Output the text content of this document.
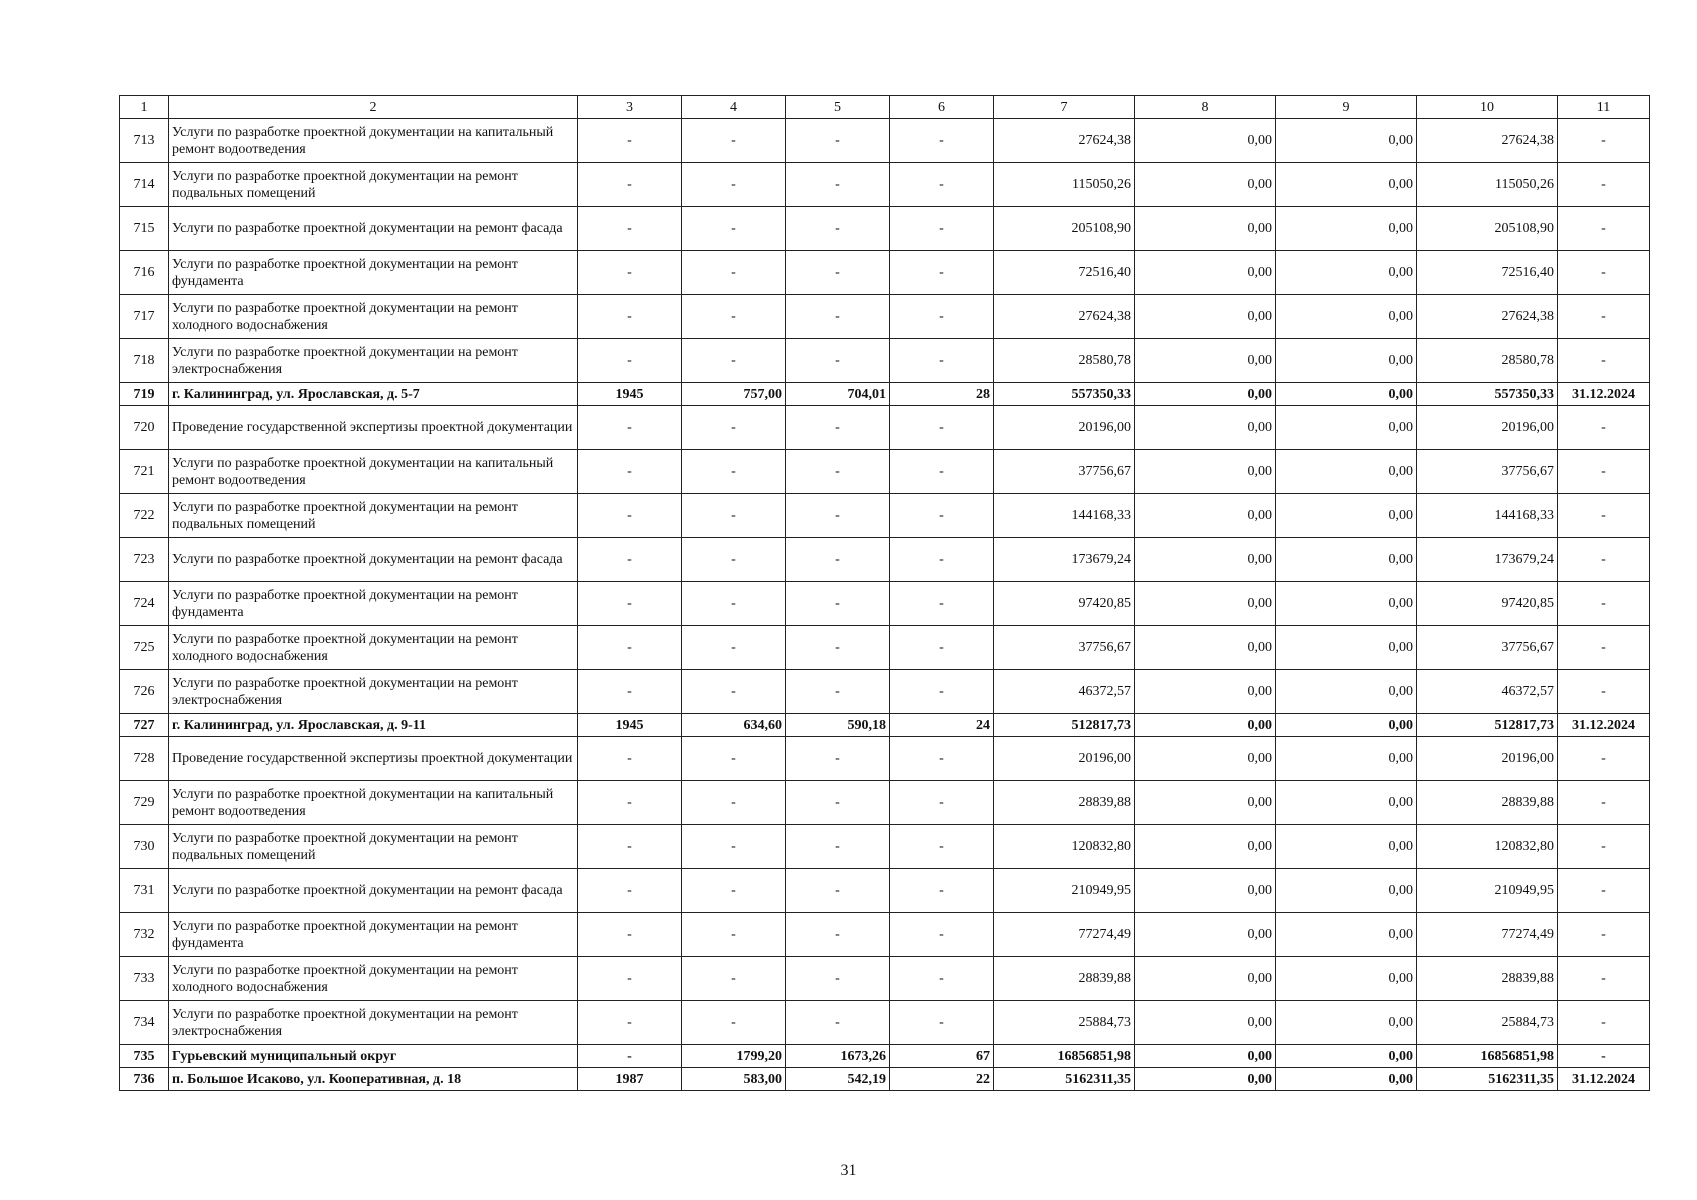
1	2	3	4	5	6	7	8	9	10	11
713	Услуги по разработке проектной документации на капитальный ремонт водоотведения	-	-	-	-	27624,38	0,00	0,00	27624,38	-
714	Услуги по разработке проектной документации на ремонт подвальных помещений	-	-	-	-	115050,26	0,00	0,00	115050,26	-
715	Услуги по разработке проектной документации на ремонт фасада	-	-	-	-	205108,90	0,00	0,00	205108,90	-
716	Услуги по разработке проектной документации на ремонт фундамента	-	-	-	-	72516,40	0,00	0,00	72516,40	-
717	Услуги по разработке проектной документации на ремонт холодного водоснабжения	-	-	-	-	27624,38	0,00	0,00	27624,38	-
718	Услуги по разработке проектной документации на ремонт электроснабжения	-	-	-	-	28580,78	0,00	0,00	28580,78	-
719	г. Калининград, ул. Ярославская, д. 5-7	1945	757,00	704,01	28	557350,33	0,00	0,00	557350,33	31.12.2024
720	Проведение государственной экспертизы проектной документации	-	-	-	-	20196,00	0,00	0,00	20196,00	-
721	Услуги по разработке проектной документации на капитальный ремонт водоотведения	-	-	-	-	37756,67	0,00	0,00	37756,67	-
722	Услуги по разработке проектной документации на ремонт подвальных помещений	-	-	-	-	144168,33	0,00	0,00	144168,33	-
723	Услуги по разработке проектной документации на ремонт фасада	-	-	-	-	173679,24	0,00	0,00	173679,24	-
724	Услуги по разработке проектной документации на ремонт фундамента	-	-	-	-	97420,85	0,00	0,00	97420,85	-
725	Услуги по разработке проектной документации на ремонт холодного водоснабжения	-	-	-	-	37756,67	0,00	0,00	37756,67	-
726	Услуги по разработке проектной документации на ремонт электроснабжения	-	-	-	-	46372,57	0,00	0,00	46372,57	-
727	г. Калининград, ул. Ярославская, д. 9-11	1945	634,60	590,18	24	512817,73	0,00	0,00	512817,73	31.12.2024
728	Проведение государственной экспертизы проектной документации	-	-	-	-	20196,00	0,00	0,00	20196,00	-
729	Услуги по разработке проектной документации на капитальный ремонт водоотведения	-	-	-	-	28839,88	0,00	0,00	28839,88	-
730	Услуги по разработке проектной документации на ремонт подвальных помещений	-	-	-	-	120832,80	0,00	0,00	120832,80	-
731	Услуги по разработке проектной документации на ремонт фасада	-	-	-	-	210949,95	0,00	0,00	210949,95	-
732	Услуги по разработке проектной документации на ремонт фундамента	-	-	-	-	77274,49	0,00	0,00	77274,49	-
733	Услуги по разработке проектной документации на ремонт холодного водоснабжения	-	-	-	-	28839,88	0,00	0,00	28839,88	-
734	Услуги по разработке проектной документации на ремонт электроснабжения	-	-	-	-	25884,73	0,00	0,00	25884,73	-
735	Гурьевский муниципальный округ	-	1799,20	1673,26	67	16856851,98	0,00	0,00	16856851,98	-
736	п. Большое Исаково, ул. Кооперативная, д. 18	1987	583,00	542,19	22	5162311,35	0,00	0,00	5162311,35	31.12.2024
31
